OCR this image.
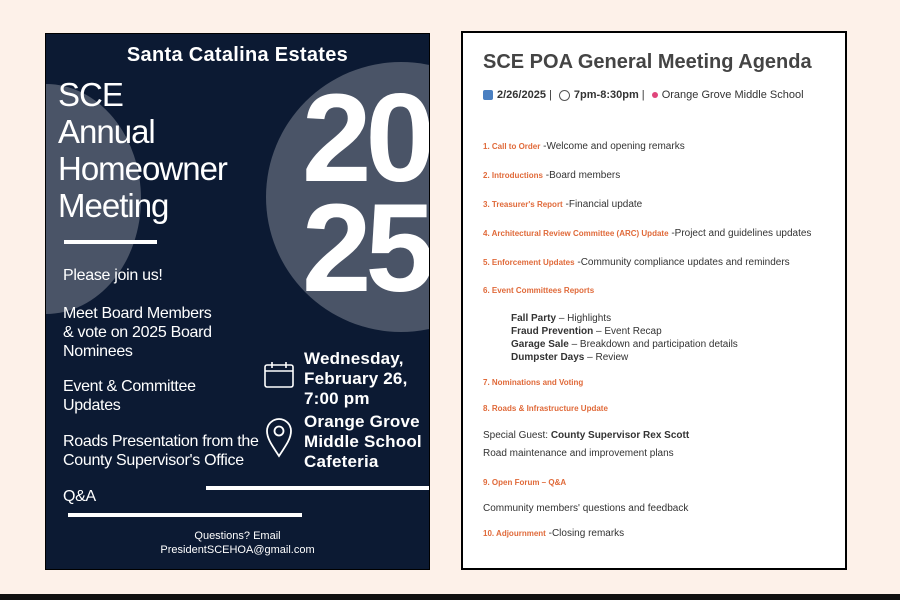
Santa Catalina Estates
SCE
Annual
Homeowner
Meeting	20
25
Please join us!
Meet Board Members
& vote on 2025 Board
Nominees
Event & Committee
Updates
Roads Presentation from the
County Supervisor's Office
Q&A
Wednesday,
February 26,
7:00 pm
Orange Grove
Middle School
Cafeteria
Questions? Email
PresidentSCEHOA@gmail.com
SCE POA General Meeting Agenda
2/26/2025 | 7pm-8:30pm | Orange Grove Middle School
1. Call to Order -Welcome and opening remarks
2. Introductions -Board members
3. Treasurer's Report -Financial update
4. Architectural Review Committee (ARC) Update -Project and guidelines updates
5. Enforcement Updates -Community compliance updates and reminders
6. Event Committees Reports
Fall Party – Highlights
Fraud Prevention – Event Recap
Garage Sale – Breakdown and participation details
Dumpster Days – Review
7. Nominations and Voting
8. Roads & Infrastructure Update
Special Guest: County Supervisor Rex Scott
Road maintenance and improvement plans
9. Open Forum – Q&A
Community members' questions and feedback
10. Adjournment -Closing remarks
